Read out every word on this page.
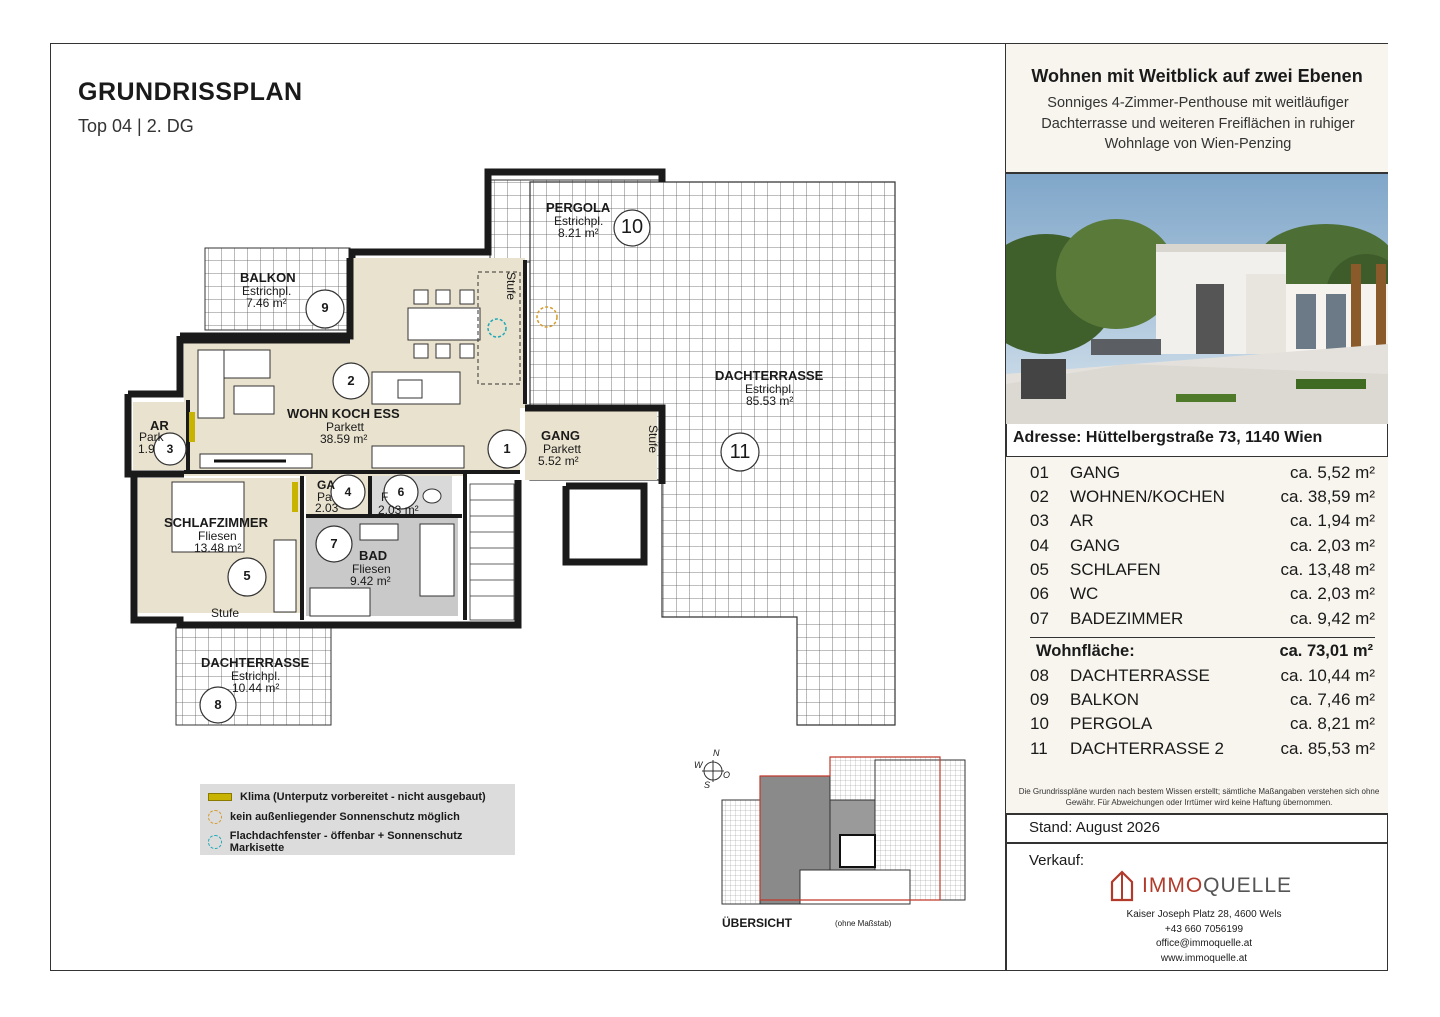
GRUNDRISSPLAN
Top 04 | 2. DG
PERGOLA
Estrichpl.
8.21 m² 10
BALKON
Estrichpl.
7.46 m²	9
2
WOHN KOCH ESS
Parkett
38.59 m²
DACHTERRASSE
Estrichpl.
85.53 m²
11
AR
Park
1.9 3	1
GANG
Parkett
5.52 m²
GA
Pa
2.03
4	F
2.03 m²
6
SCHLAFZIMMER
Fliesen
13.48 m²
5
7
BAD
Fliesen
9.42 m²
DACHTERRASSE
Estrichpl.
10.44 m²
8
Stufe
Stufe
Stufe
Klima (Unterputz vorbereitet - nicht ausgebaut)
kein außenliegender Sonnenschutz möglich
Flachdachfenster - öffenbar + Sonnenschutz Markisette
N
W
O
S
ÜBERSICHT	(ohne Maßstab)
Wohnen mit Weitblick auf zwei Ebenen
Sonniges 4-Zimmer-Penthouse mit weitläufiger Dachterrasse und weiteren Freiflächen in ruhiger Wohnlage von Wien-Penzing
Adresse: Hüttelbergstraße 73, 1140 Wien
01	GANG	ca. 5,52 m²
02	WOHNEN/KOCHEN	ca. 38,59 m²
03	AR	ca. 1,94 m²
04	GANG	ca. 2,03 m²
05	SCHLAFEN	ca. 13,48 m²
06	WC	ca. 2,03 m²
07	BADEZIMMER	ca. 9,42 m²
Wohnfläche:	ca. 73,01 m²
08	DACHTERRASSE	ca. 10,44 m²
09	BALKON	ca. 7,46 m²
10	PERGOLA	ca. 8,21 m²
11	DACHTERRASSE 2	ca. 85,53 m²
Die Grundrisspläne wurden nach bestem Wissen erstellt; sämtliche Maßangaben verstehen sich ohne Gewähr. Für Abweichungen oder Irrtümer wird keine Haftung übernommen.
Stand: August 2026
Verkauf:
IMMOQUELLE
Kaiser Joseph Platz 28, 4600 Wels
+43 660 7056199
office@immoquelle.at
www.immoquelle.at
